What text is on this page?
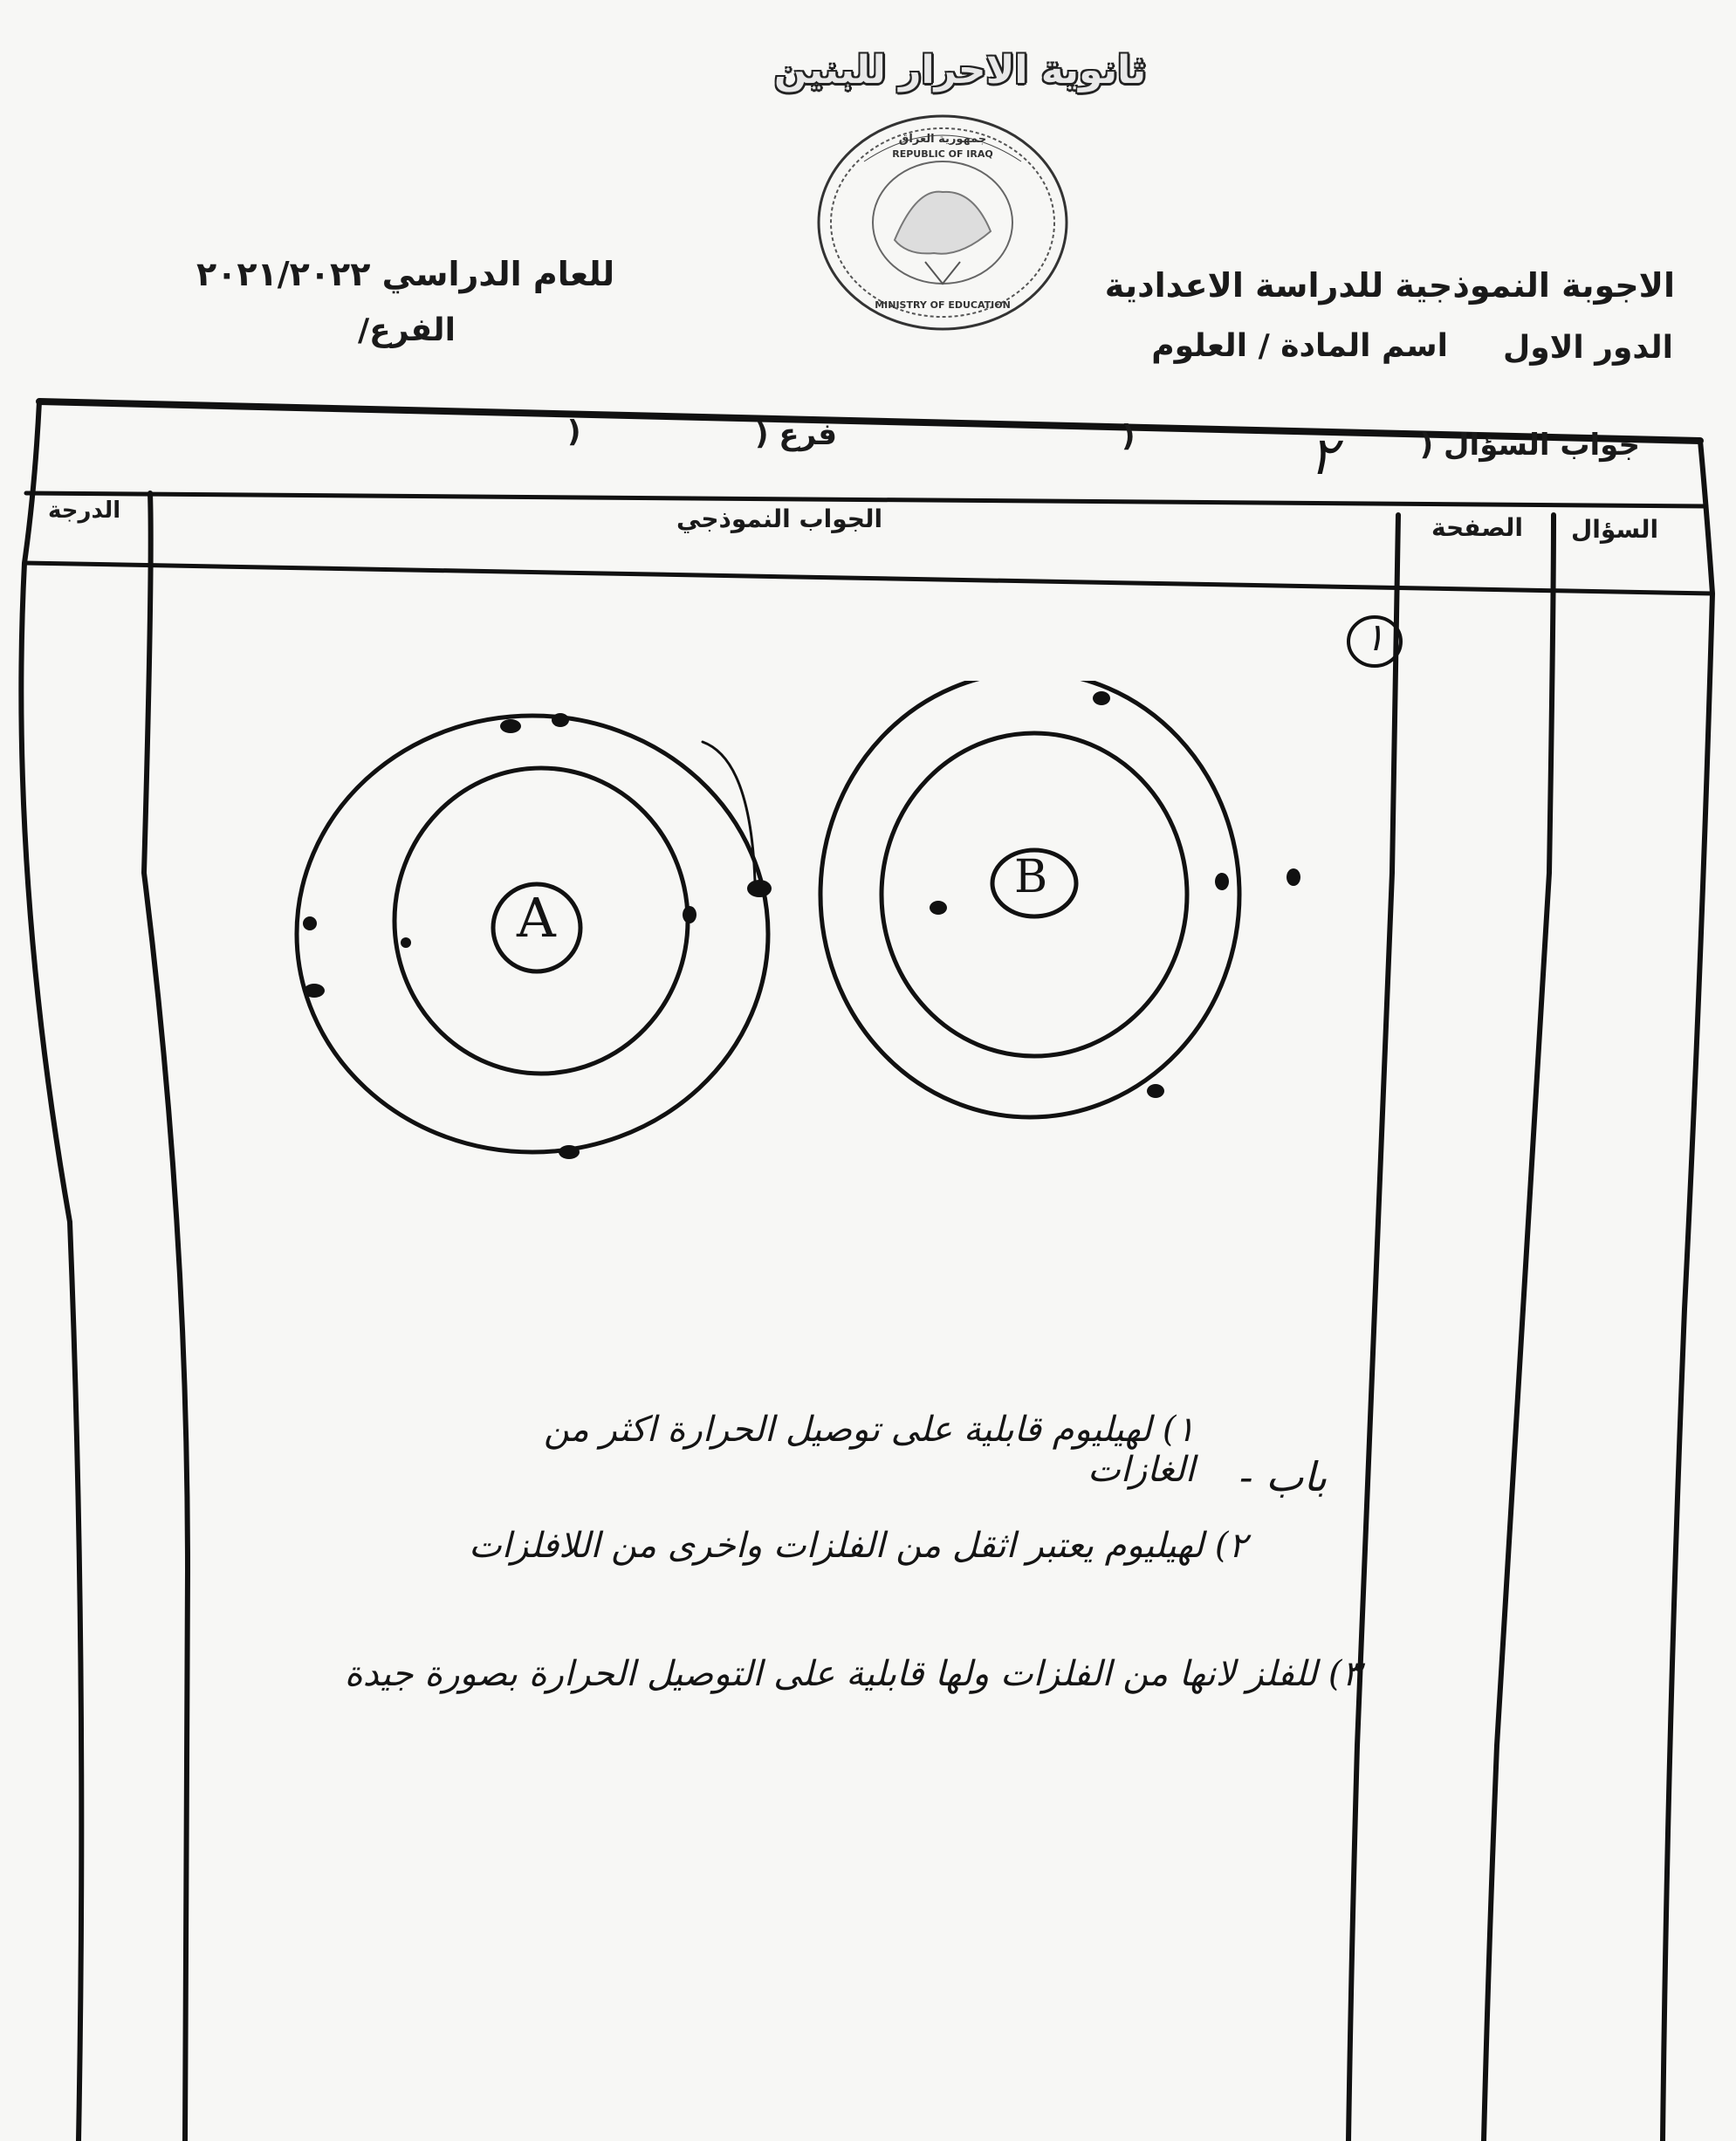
ثانوية الاحرار للبنين
جمهورية العراق
REPUBLIC OF IRAQ
MINISTRY OF EDUCATION
الاجوبة النموذجية للدراسة الاعدادية
الدور الاول
اسم المادة / العلوم
للعام الدراسي ٢٠٢١/٢٠٢٢
الفرع/
جواب السؤال (
)	٢
فرع (
)
السؤال
الصفحة
الجواب النموذجي
الدرجة
١
A
B
باب -
١) لهيليوم قابلية على توصيل الحرارة اكثر من الغازات
٢) لهيليوم يعتبر اثقل من الفلزات واخرى من اللافلزات
٣) للفلز لانها من الفلزات ولها قابلية على التوصيل الحرارة بصورة جيدة
